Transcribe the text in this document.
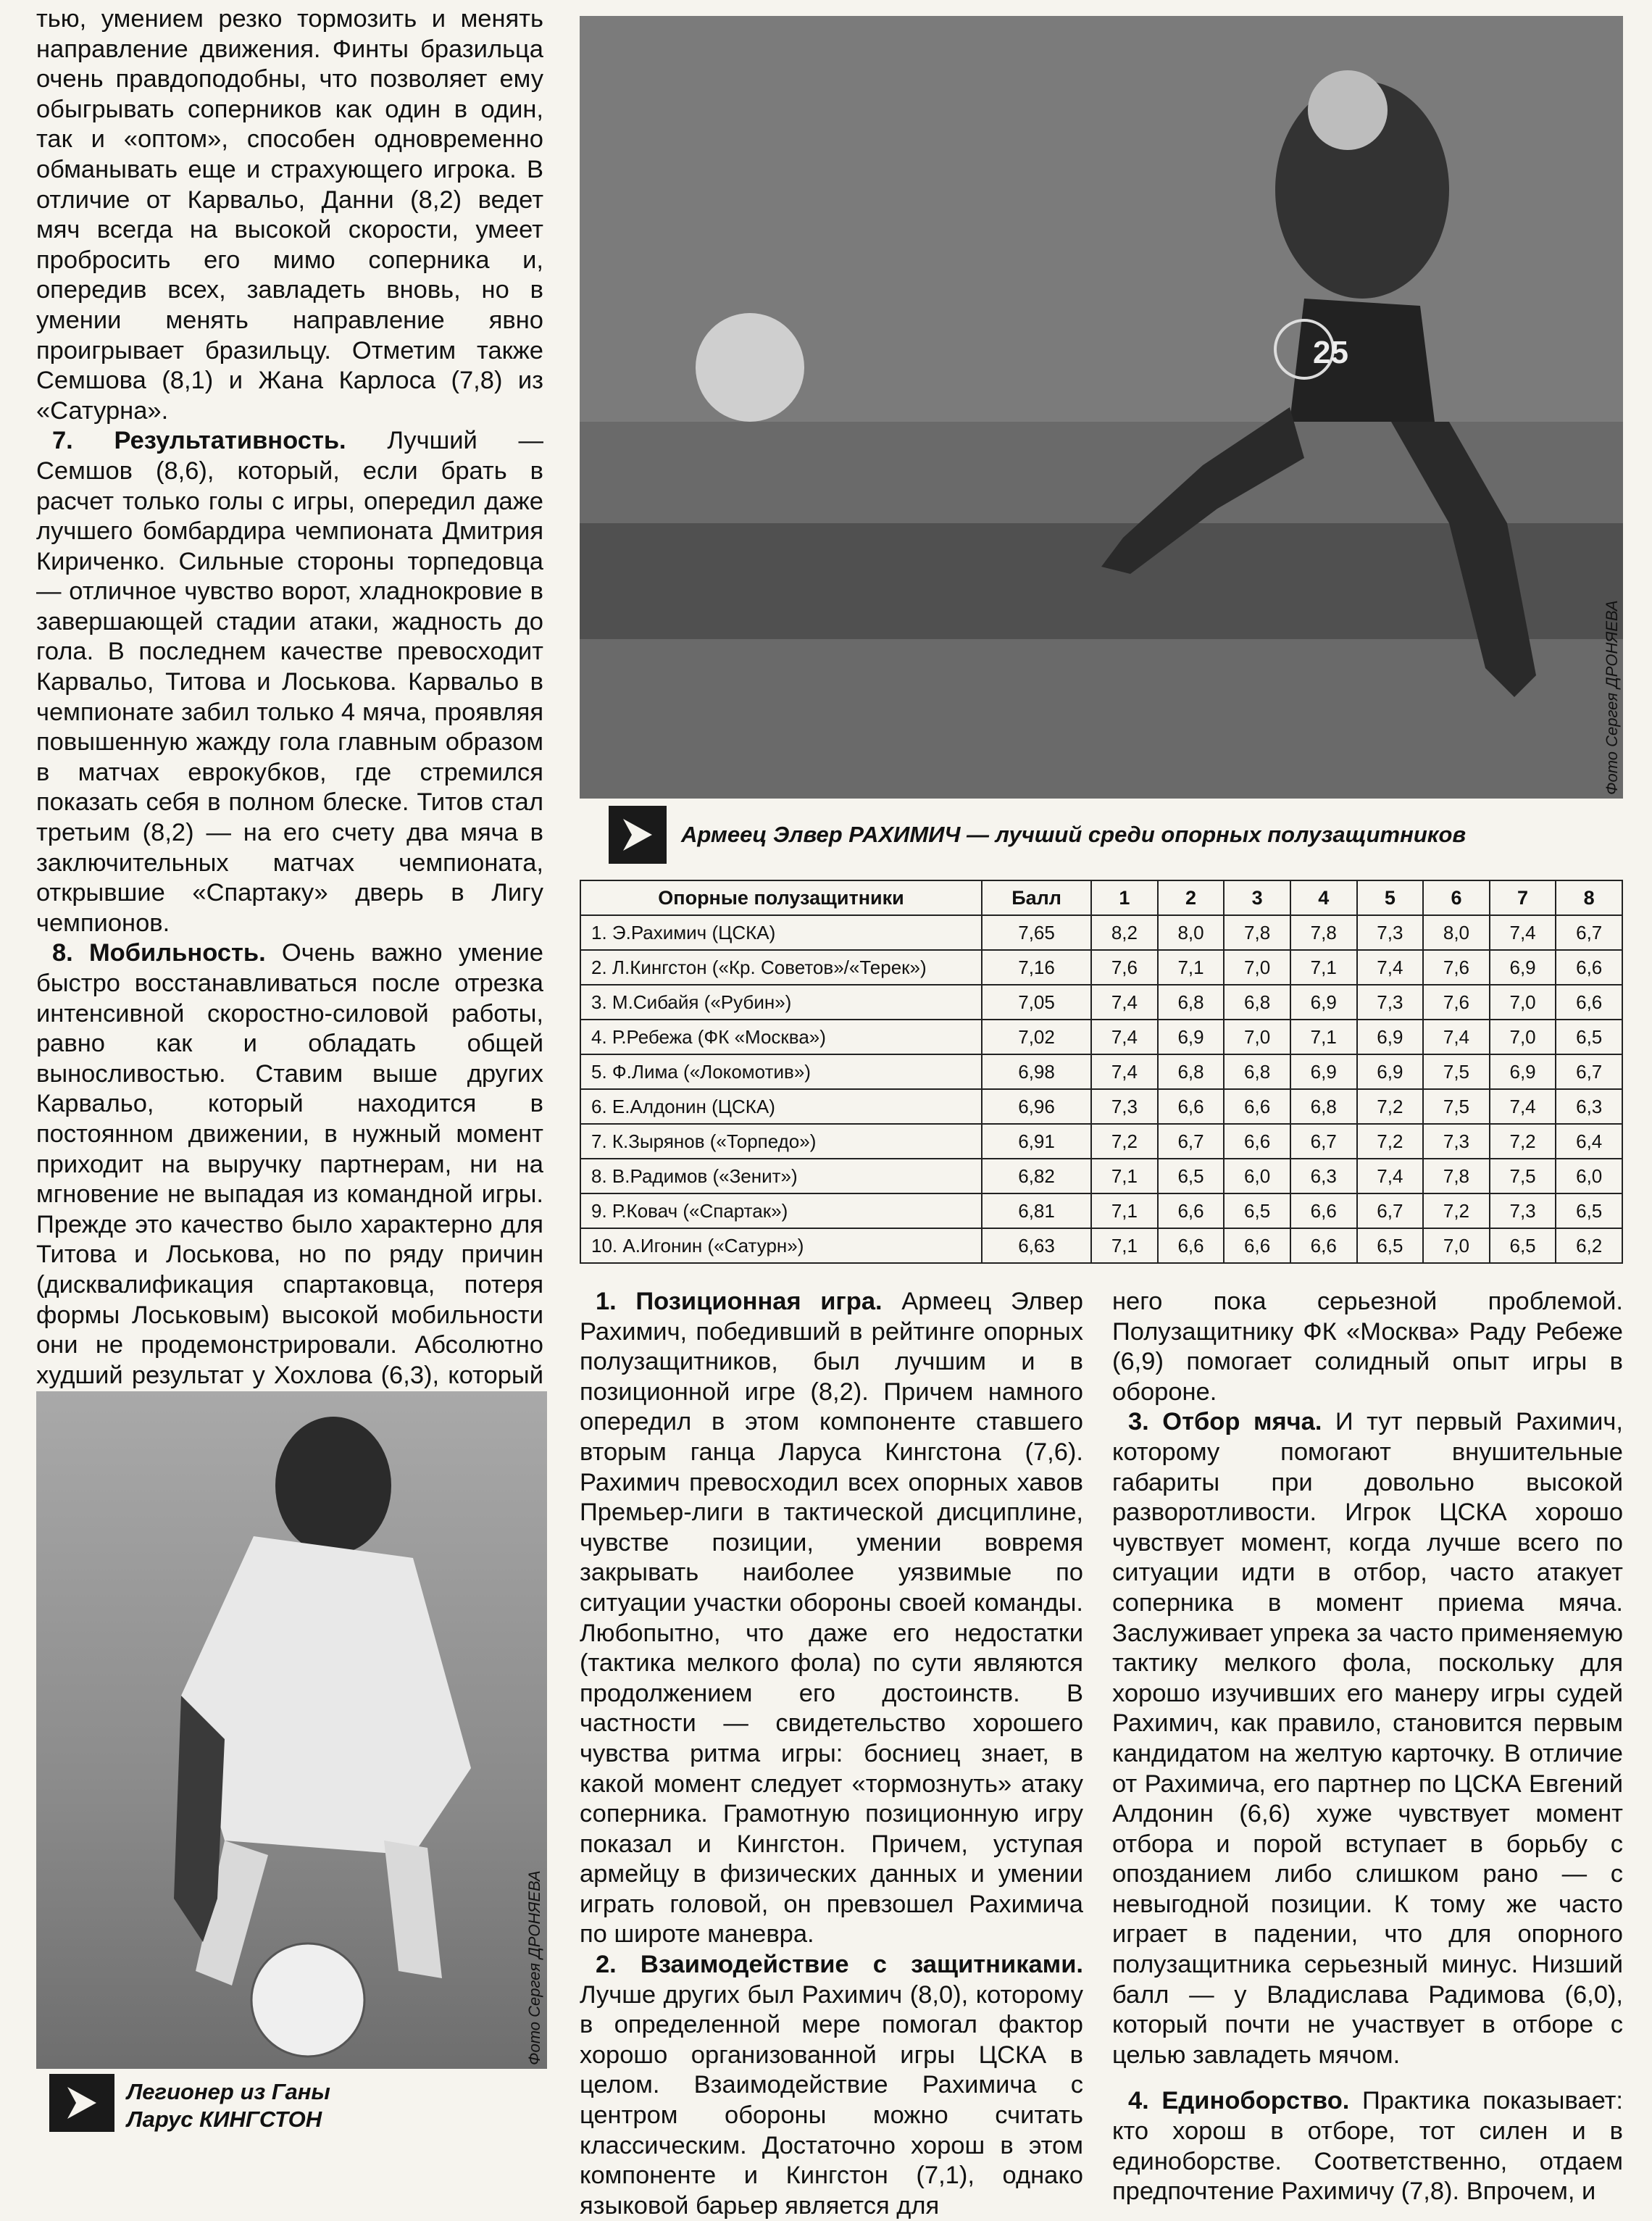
тью, умением резко тормозить и менять направление движения. Финты бразильца очень правдоподобны, что позволяет ему обыгрывать соперников как один в один, так и «оптом», способен одновременно обманывать еще и страхующего игрока. В отличие от Карвальо, Данни (8,2) ведет мяч всегда на высокой скорости, умеет пробросить его мимо соперника и, опередив всех, завладеть вновь, но в умении менять направление явно проигрывает бразильцу. Отметим также Семшова (8,1) и Жана Карлоса (7,8) из «Сатурна».

7. Результативность. Лучший — Семшов (8,6), который, если брать в расчет только голы с игры, опередил даже лучшего бомбардира чемпионата Дмитрия Кириченко. Сильные стороны торпедовца — отличное чувство ворот, хладнокровие в завершающей стадии атаки, жадность до гола. В последнем качестве превосходит Карвальо, Титова и Лоськова. Карвальо в чемпионате забил только 4 мяча, проявляя повышенную жажду гола главным образом в матчах еврокубков, где стремился показать себя в полном блеске. Титов стал третьим (8,2) — на его счету два мяча в заключительных матчах чемпионата, открывшие «Спартаку» дверь в Лигу чемпионов.

8. Мобильность. Очень важно умение быстро восстанавливаться после отрезка интенсивной скоростно-силовой работы, равно как и обладать общей выносливостью. Ставим выше других Карвальо, который находится в постоянном движении, в нужный момент приходит на выручку партнерам, ни на мгновение не выпадая из командной игры. Прежде это качество было характерно для Титова и Лоськова, но по ряду причин (дисквалификация спартаковца, потеря формы Лоськовым) высокой мобильности они не продемонстрировали. Абсолютно худший результат у Хохлова (6,3), который

25
Фото Сергея ДРОНЯЕВА
Армеец Элвер РАХИМИЧ — лучший среди опорных полузащитников
Опорные полузащитники	Балл	1	2	3	4	5	6	7	8
1. Э.Рахимич (ЦСКА)	7,65	8,2	8,0	7,8	7,8	7,3	8,0	7,4	6,7
2. Л.Кингстон («Кр. Советов»/«Терек»)	7,16	7,6	7,1	7,0	7,1	7,4	7,6	6,9	6,6
3. М.Сибайя («Рубин»)	7,05	7,4	6,8	6,8	6,9	7,3	7,6	7,0	6,6
4. Р.Ребежа (ФК «Москва»)	7,02	7,4	6,9	7,0	7,1	6,9	7,4	7,0	6,5
5. Ф.Лима («Локомотив»)	6,98	7,4	6,8	6,8	6,9	6,9	7,5	6,9	6,7
6. Е.Алдонин (ЦСКА)	6,96	7,3	6,6	6,6	6,8	7,2	7,5	7,4	6,3
7. К.Зырянов («Торпедо»)	6,91	7,2	6,7	6,6	6,7	7,2	7,3	7,2	6,4
8. В.Радимов («Зенит»)	6,82	7,1	6,5	6,0	6,3	7,4	7,8	7,5	6,0
9. Р.Ковач («Спартак»)	6,81	7,1	6,6	6,5	6,6	6,7	7,2	7,3	6,5
10. А.Игонин («Сатурн»)	6,63	7,1	6,6	6,6	6,6	6,5	7,0	6,5	6,2

1. Позиционная игра. Армеец Элвер Рахимич, победивший в рейтинге опорных полузащитников, был лучшим и в позиционной игре (8,2). Причем намного опередил в этом компоненте ставшего вторым ганца Ларуса Кингстона (7,6). Рахимич превосходил всех опорных хавов Премьер-лиги в тактической дисциплине, чувстве позиции, умении вовремя закрывать наиболее уязвимые по ситуации участки обороны своей команды. Любопытно, что даже его недостатки (тактика мелкого фола) по сути являются продолжением его достоинств. В частности — свидетельство хорошего чувства ритма игры: босниец знает, в какой момент следует «тормознуть» атаку соперника. Грамотную позиционную игру показал и Кингстон. Причем, уступая армейцу в физических данных и умении играть головой, он превзошел Рахимича по широте маневра.

2. Взаимодействие с защитниками. Лучше других был Рахимич (8,0), которому в определенной мере помогал фактор хорошо организованной игры ЦСКА в целом. Взаимодействие Рахимича с центром обороны можно считать классическим. Достаточно хорош в этом компоненте и Кингстон (7,1), однако языковой барьер является для

него пока серьезной проблемой. Полузащитнику ФК «Москва» Раду Ребеже (6,9) помогает солидный опыт игры в обороне.

3. Отбор мяча. И тут первый Рахимич, которому помогают внушительные габариты при довольно высокой разворотливости. Игрок ЦСКА хорошо чувствует момент, когда лучше всего по ситуации идти в отбор, часто атакует соперника в момент приема мяча. Заслуживает упрека за часто применяемую тактику мелкого фола, поскольку для хорошо изучивших его манеру игры судей Рахимич, как правило, становится первым кандидатом на желтую карточку. В отличие от Рахимича, его партнер по ЦСКА Евгений Алдонин (6,6) хуже чувствует момент отбора и порой вступает в борьбу с опозданием либо слишком рано — с невыгодной позиции. К тому же часто играет в падении, что для опорного полузащитника серьезный минус. Низший балл — у Владислава Радимова (6,0), который почти не участвует в отборе с целью завладеть мячом.

4. Единоборство. Практика показывает: кто хорош в отборе, тот силен и в единоборстве. Соответственно, отдаем предпочтение Рахимичу (7,8). Впрочем, и

Фото Сергея ДРОНЯЕВА
Легионер из Ганы
Ларус КИНГСТОН
